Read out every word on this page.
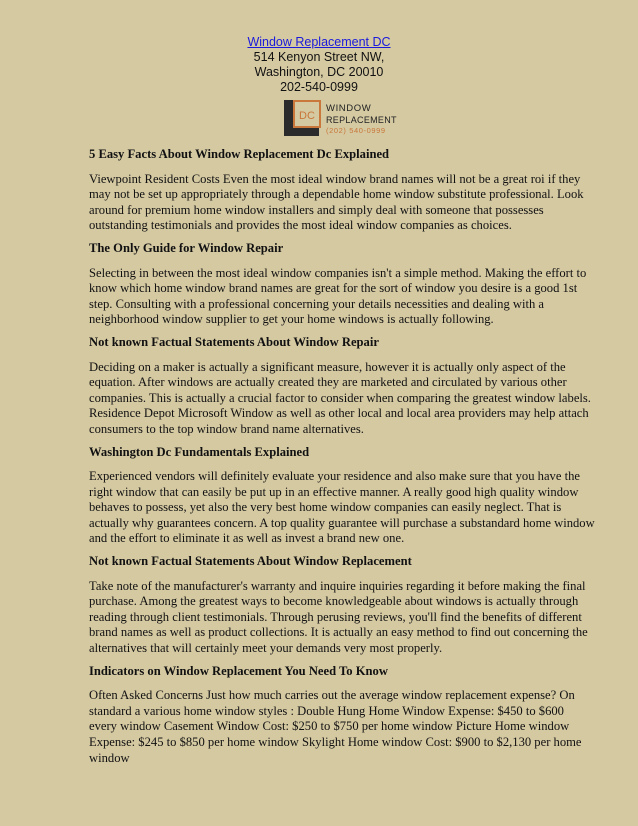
Window Replacement DC
514 Kenyon Street NW,
Washington, DC 20010
202-540-0999
DC
WINDOW
REPLACEMENT
(202) 540-0999
5 Easy Facts About Window Replacement Dc Explained

Viewpoint Resident Costs Even the most ideal window brand names will not be a great roi if they may not be set up appropriately through a dependable home window substitute professional. Look around for premium home window installers and simply deal with someone that possesses outstanding testimonials and provides the most ideal window companies as choices.

The Only Guide for Window Repair

Selecting in between the most ideal window companies isn't a simple method. Making the effort to know which home window brand names are great for the sort of window you desire is a good 1st step. Consulting with a professional concerning your details necessities and dealing with a neighborhood window supplier to get your home windows is actually following.

Not known Factual Statements About Window Repair

Deciding on a maker is actually a significant measure, however it is actually only aspect of the equation. After windows are actually created they are marketed and circulated by various other companies. This is actually a crucial factor to consider when comparing the greatest window labels. Residence Depot Microsoft Window as well as other local and local area providers may help attach consumers to the top window brand name alternatives.

Washington Dc Fundamentals Explained

Experienced vendors will definitely evaluate your residence and also make sure that you have the right window that can easily be put up in an effective manner. A really good high quality window behaves to possess, yet also the very best home window companies can easily neglect. That is actually why guarantees concern. A top quality guarantee will purchase a substandard home window and the effort to eliminate it as well as invest a brand new one.

Not known Factual Statements About Window Replacement

Take note of the manufacturer's warranty and inquire inquiries regarding it before making the final purchase. Among the greatest ways to become knowledgeable about windows is actually through reading through client testimonials. Through perusing reviews, you'll find the benefits of different brand names as well as product collections. It is actually an easy method to find out concerning the alternatives that will certainly meet your demands very most properly.

Indicators on Window Replacement You Need To Know

Often Asked Concerns Just how much carries out the average window replacement expense? On standard a various home window styles : Double Hung Home Window Expense: $450 to $600 every window Casement Window Cost: $250 to $750 per home window Picture Home window Expense: $245 to $850 per home window Skylight Home window Cost: $900 to $2,130 per home window
